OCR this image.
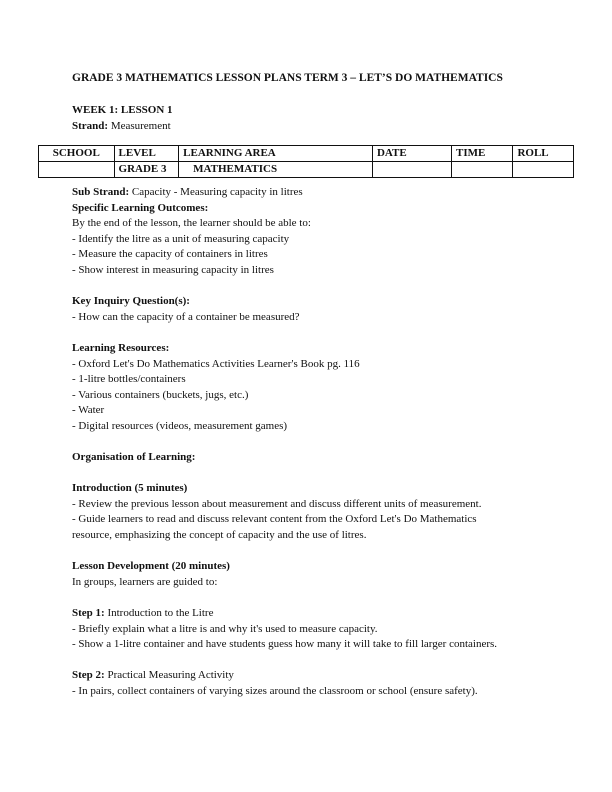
GRADE 3 MATHEMATICS LESSON PLANS TERM 3 – LET’S DO MATHEMATICS

WEEK 1: LESSON 1
Strand: Measurement
SCHOOL	LEVEL	LEARNING AREA	DATE	TIME	ROLL
	GRADE 3	MATHEMATICS			

Sub Strand: Capacity - Measuring capacity in litres

Specific Learning Outcomes:
By the end of the lesson, the learner should be able to:
- Identify the litre as a unit of measuring capacity
- Measure the capacity of containers in litres
- Show interest in measuring capacity in litres
Key Inquiry Question(s):
- How can the capacity of a container be measured?
Learning Resources:
- Oxford Let's Do Mathematics Activities Learner's Book pg. 116
- 1-litre bottles/containers
- Various containers (buckets, jugs, etc.)
- Water
- Digital resources (videos, measurement games)
Organisation of Learning:
Introduction (5 minutes)
- Review the previous lesson about measurement and discuss different units of measurement.
- Guide learners to read and discuss relevant content from the Oxford Let's Do Mathematics
resource, emphasizing the concept of capacity and the use of litres.
Lesson Development (20 minutes)
In groups, learners are guided to:
Step 1: Introduction to the Litre
- Briefly explain what a litre is and why it's used to measure capacity.
- Show a 1-litre container and have students guess how many it will take to fill larger containers.
Step 2: Practical Measuring Activity
- In pairs, collect containers of varying sizes around the classroom or school (ensure safety).
